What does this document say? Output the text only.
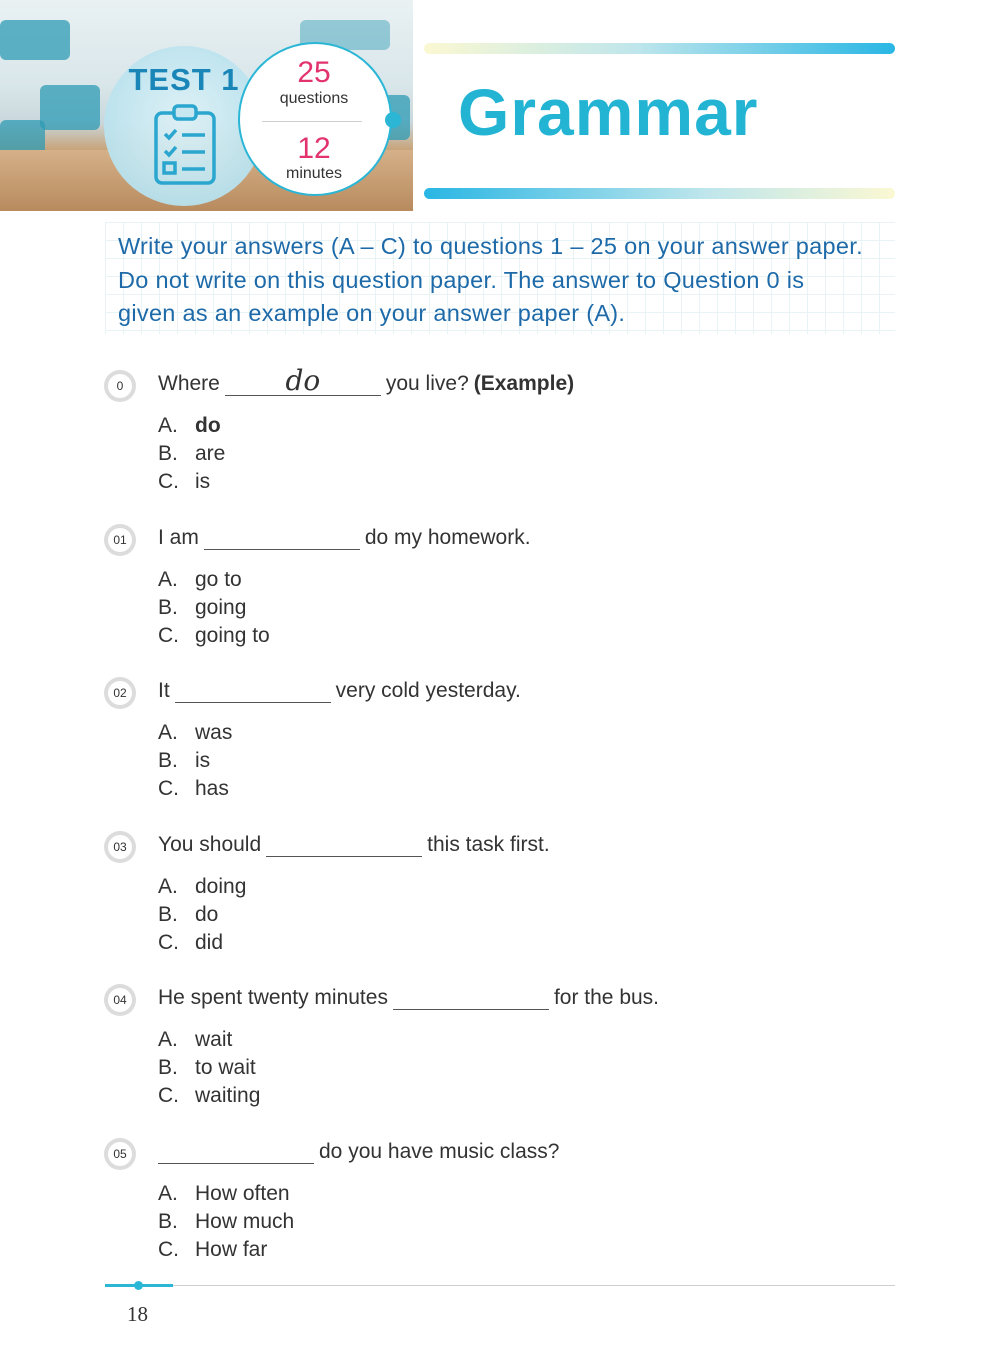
TEST 1	25
questions
12
minutes
Grammar
Write your answers (A – C) to questions 1 – 25 on your answer paper.
Do not write on this question paper. The answer to Question 0 is
given as an example on your answer paper (A).
0	Where	do	you live? (Example)
A. do
B. are
C. is
01 I am	do my homework.
A. go to
B. going
C. going to
02 It	very cold yesterday.
A. was
B. is
C. has
03 You should	this task first.
A. doing
B. do
C. did
04 He spent twenty minutes	for the bus.
A. wait
B. to wait
C. waiting
05	do you have music class?
A. How often
B. How much
C. How far
18
